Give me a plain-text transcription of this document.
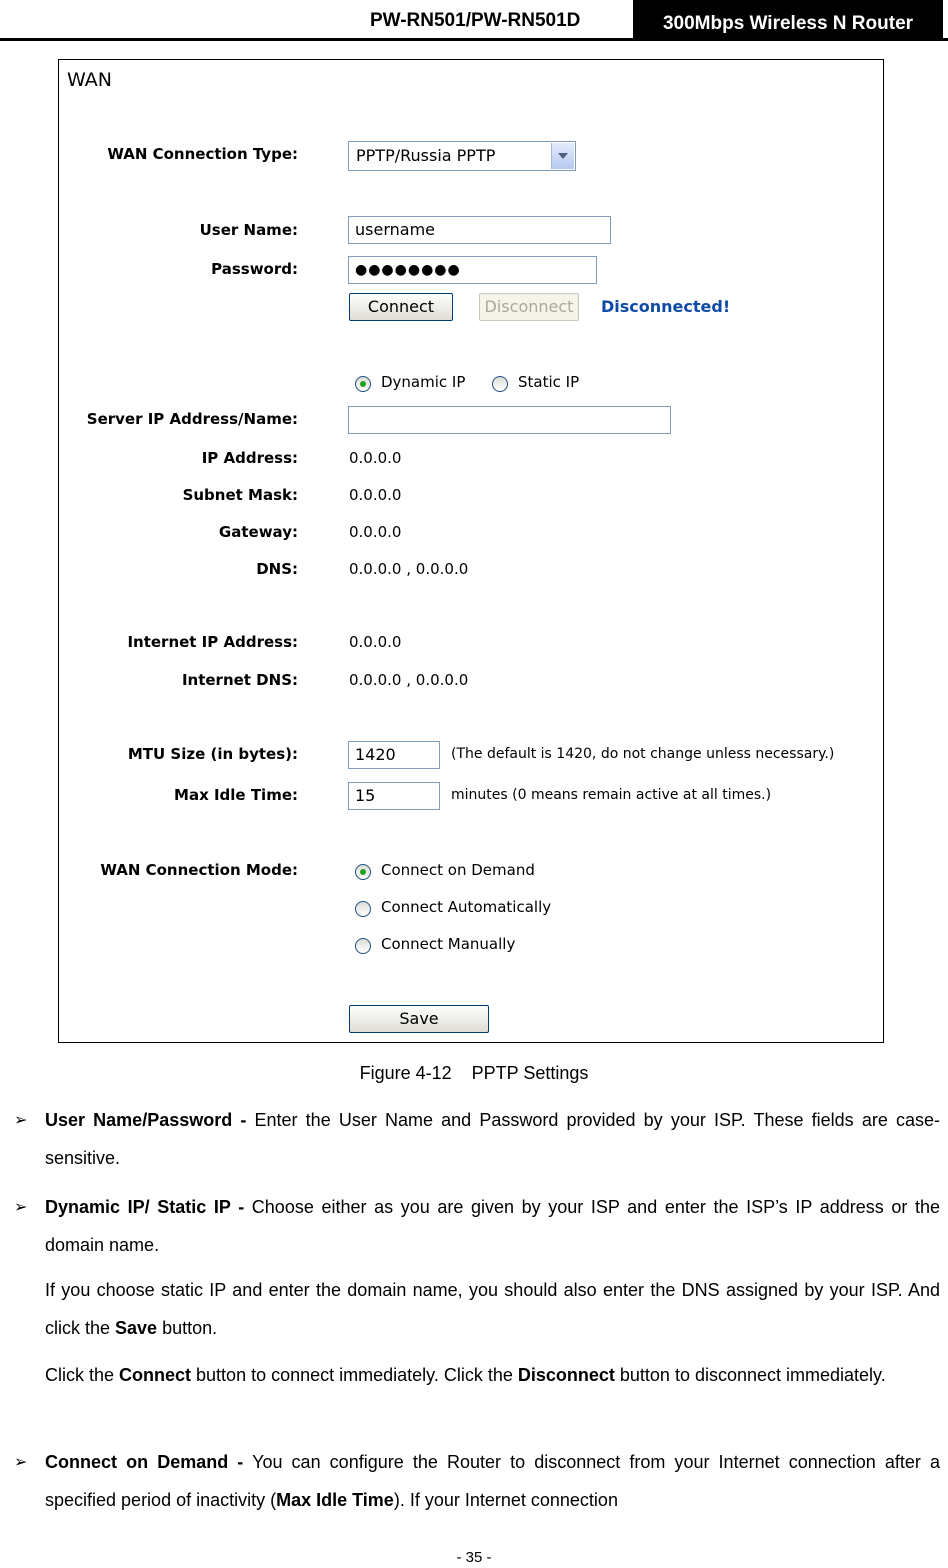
PW-RN501/PW-RN501D	300Mbps Wireless N Router
WAN
WAN Connection Type:	PPTP/Russia PPTP
User Name:	username
Password:	●●●●●●●●
Connect	Disconnect	Disconnected!
Dynamic IP	Static IP
Server IP Address/Name:
IP Address:	0.0.0.0
Subnet Mask:	0.0.0.0
Gateway:	0.0.0.0
DNS:	0.0.0.0 , 0.0.0.0
Internet IP Address:	0.0.0.0
Internet DNS:	0.0.0.0 , 0.0.0.0
MTU Size (in bytes):	1420	(The default is 1420, do not change unless necessary.)
Max Idle Time:	15	minutes (0 means remain active at all times.)
WAN Connection Mode:	Connect on Demand
Connect Automatically
Connect Manually
Save
Figure 4-12    PPTP Settings
➢ User Name/Password - Enter the User Name and Password provided by your ISP. These fields are case-sensitive.
➢ Dynamic IP/ Static IP - Choose either as you are given by your ISP and enter the ISP’s IP address or the domain name.
If you choose static IP and enter the domain name, you should also enter the DNS assigned by your ISP. And click the Save button.
Click the Connect button to connect immediately. Click the Disconnect button to disconnect immediately.
➢ Connect on Demand - You can configure the Router to disconnect from your Internet connection after a specified period of inactivity (Max Idle Time). If your Internet connection
- 35 -
